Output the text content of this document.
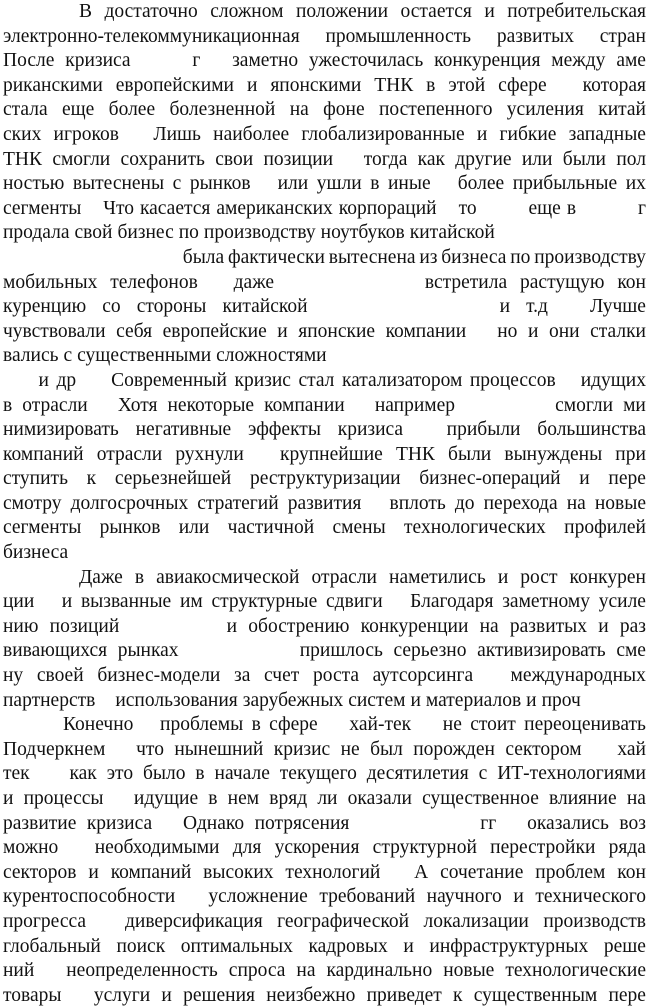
В достаточно сложном положении остается и потребительская
электронно-телекоммуникационная промышленность развитых стран
После кризиса	г заметно ужесточилась конкуренция между аме
риканскими европейскими и японскими ТНК в этой сфере которая
стала еще более болезненной на фоне постепенного усиления китай
ских игроков Лишь наиболее глобализированные и гибкие западные
ТНК смогли сохранить свои позиции тогда как другие или были пол
ностью вытеснены с рынков или ушли в иные более прибыльные их
сегменты Что касается американских корпораций то	еще в	г
продала свой бизнес по производству ноутбуков китайской
была фактически вытеснена из бизнеса по производству
мобильных телефонов даже	встретила растущую кон
куренцию со стороны китайской	и т.д Лучше
чувствовали себя европейские и японские компании но и они сталки
вались с существенными сложностями
и др Современный кризис стал катализатором процессов идущих
в отрасли Хотя некоторые компании например	смогли ми
нимизировать негативные эффекты кризиса прибыли большинства
компаний отрасли рухнули крупнейшие ТНК были вынуждены при
ступить к серьезнейшей реструктуризации бизнес-операций и пере
смотру долгосрочных стратегий развития вплоть до перехода на новые
сегменты рынков или частичной смены технологических профилей
бизнеса
Даже в авиакосмической отрасли наметились и рост конкурен
ции и вызванные им структурные сдвиги Благодаря заметному усиле
нию позиций	и обострению конкуренции на развитых и раз
вивающихся рынках	пришлось серьезно активизировать сме
ну своей бизнес-модели за счет роста аутсорсинга международных
партнерств использования зарубежных систем и материалов и проч
Конечно проблемы в сфере хай-тек не стоит переоценивать
Подчеркнем что нынешний кризис не был порожден сектором хай
тек как это было в начале текущего десятилетия с ИТ-технологиями
и процессы идущие в нем вряд ли оказали существенное влияние на
развитие кризиса Однако потрясения	гг оказались воз
можно необходимыми для ускорения структурной перестройки ряда
секторов и компаний высоких технологий А сочетание проблем кон
курентоспособности усложнение требований научного и технического
прогресса диверсификация географической локализации производств
глобальный поиск оптимальных кадровых и инфраструктурных реше
ний неопределенность спроса на кардинально новые технологические
товары услуги и решения неизбежно приведет к существенным пере
